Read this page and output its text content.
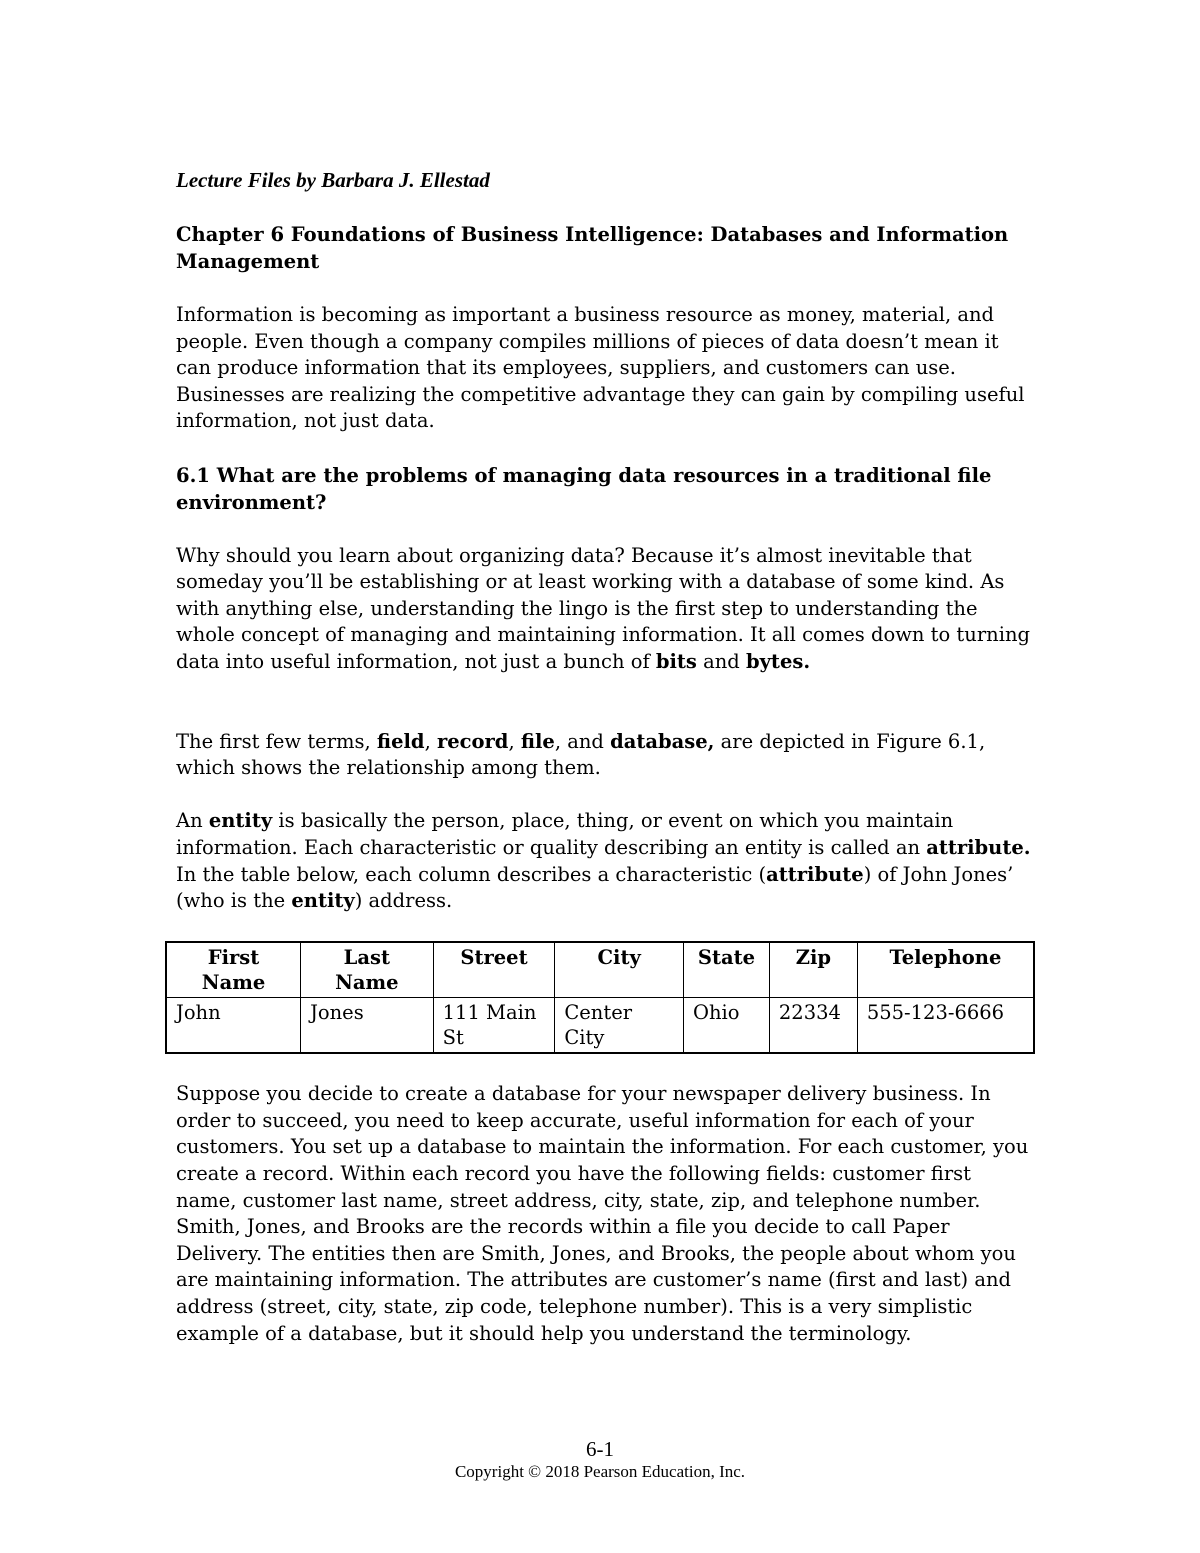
Lecture Files by Barbara J. Ellestad
Chapter 6 Foundations of Business Intelligence: Databases and Information Management

Information is becoming as important a business resource as money, material, and people. Even though a company compiles millions of pieces of data doesn’t mean it can produce information that its employees, suppliers, and customers can use. Businesses are realizing the competitive advantage they can gain by compiling useful information, not just data.

6.1 What are the problems of managing data resources in a traditional file environment?

Why should you learn about organizing data? Because it’s almost inevitable that someday you’ll be establishing or at least working with a database of some kind. As with anything else, understanding the lingo is the first step to understanding the whole concept of managing and maintaining information. It all comes down to turning data into useful information, not just a bunch of bits and bytes.

The first few terms, field, record, file, and database, are depicted in Figure 6.1, which shows the relationship among them.

An entity is basically the person, place, thing, or event on which you maintain information. Each characteristic or quality describing an entity is called an attribute. In the table below, each column describes a characteristic (attribute) of John Jones’ (who is the entity) address.

First Name	Last Name	Street	City	State	Zip	Telephone
John	Jones	111 Main St	Center City	Ohio	22334	555-123-6666

Suppose you decide to create a database for your newspaper delivery business. In order to succeed, you need to keep accurate, useful information for each of your customers. You set up a database to maintain the information. For each customer, you create a record. Within each record you have the following fields: customer first name, customer last name, street address, city, state, zip, and telephone number. Smith, Jones, and Brooks are the records within a file you decide to call Paper Delivery. The entities then are Smith, Jones, and Brooks, the people about whom you are maintaining information. The attributes are customer’s name (first and last) and address (street, city, state, zip code, telephone number). This is a very simplistic example of a database, but it should help you understand the terminology.

6-1
Copyright © 2018 Pearson Education, Inc.
